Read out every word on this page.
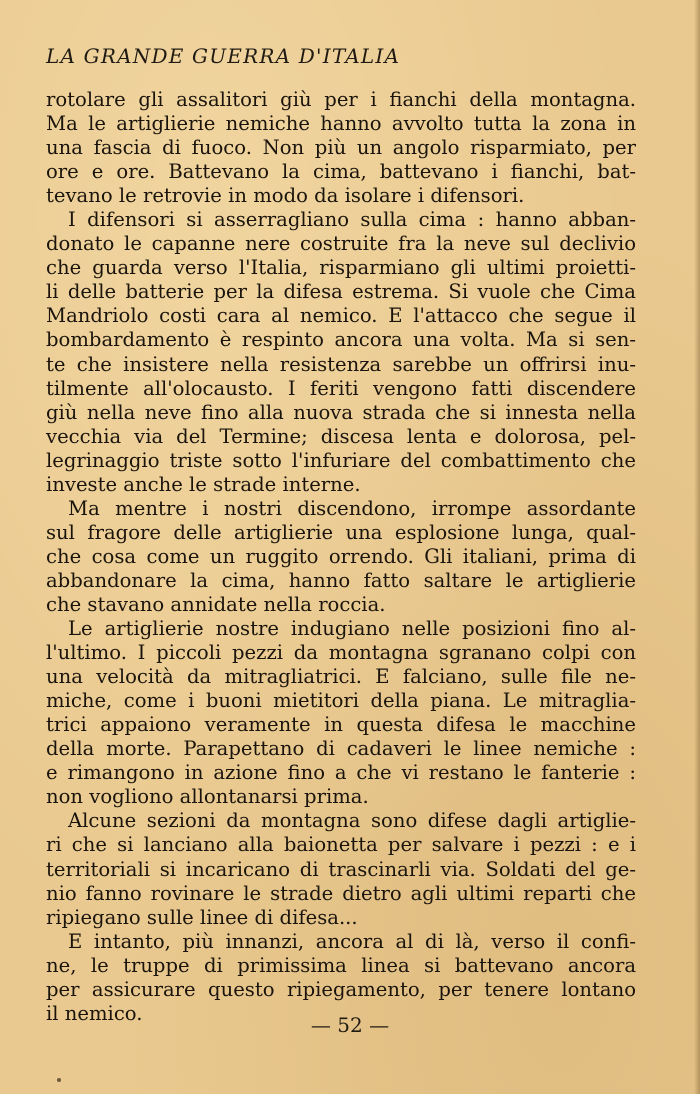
LA GRANDE GUERRA D'ITALIA
rotolare gli assalitori giù per i fianchi della montagna.
Ma le artiglierie nemiche hanno avvolto tutta la zona in
una fascia di fuoco. Non più un angolo risparmiato, per
ore e ore. Battevano la cima, battevano i fianchi, bat-
tevano le retrovie in modo da isolare i difensori.
I difensori si asserragliano sulla cima : hanno abban-
donato le capanne nere costruite fra la neve sul declivio
che guarda verso l'Italia, risparmiano gli ultimi proietti-
li delle batterie per la difesa estrema. Si vuole che Cima
Mandriolo costi cara al nemico. E l'attacco che segue il
bombardamento è respinto ancora una volta. Ma si sen-
te che insistere nella resistenza sarebbe un offrirsi inu-
tilmente all'olocausto. I feriti vengono fatti discendere
giù nella neve fino alla nuova strada che si innesta nella
vecchia via del Termine; discesa lenta e dolorosa, pel-
legrinaggio triste sotto l'infuriare del combattimento che
investe anche le strade interne.
Ma mentre i nostri discendono, irrompe assordante
sul fragore delle artiglierie una esplosione lunga, qual-
che cosa come un ruggito orrendo. Gli italiani, prima di
abbandonare la cima, hanno fatto saltare le artiglierie
che stavano annidate nella roccia.
Le artiglierie nostre indugiano nelle posizioni fino al-
l'ultimo. I piccoli pezzi da montagna sgranano colpi con
una velocità da mitragliatrici. E falciano, sulle file ne-
miche, come i buoni mietitori della piana. Le mitraglia-
trici appaiono veramente in questa difesa le macchine
della morte. Parapettano di cadaveri le linee nemiche :
e rimangono in azione fino a che vi restano le fanterie :
non vogliono allontanarsi prima.
Alcune sezioni da montagna sono difese dagli artiglie-
ri che si lanciano alla baionetta per salvare i pezzi : e i
territoriali si incaricano di trascinarli via. Soldati del ge-
nio fanno rovinare le strade dietro agli ultimi reparti che
ripiegano sulle linee di difesa...
E intanto, più innanzi, ancora al di là, verso il confi-
ne, le truppe di primissima linea si battevano ancora
per assicurare questo ripiegamento, per tenere lontano
il nemico.	— 52 —
